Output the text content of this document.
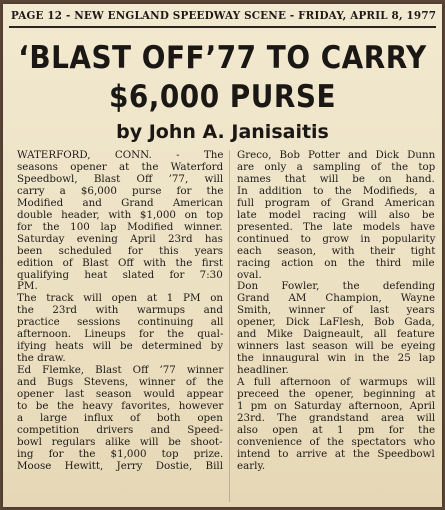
PAGE 12 - NEW ENGLAND SPEEDWAY SCENE - FRIDAY, APRIL 8, 1977
‘BLAST OFF’77 TO CARRY
$6,000 PURSE
by John A. Janisaitis

WATERFORD, CONN. - The

seasons opener at the Waterford

Speedbowl, Blast Off ’77, will

carry a $6,000 purse for the

Modified and Grand American

double header, with $1,000 on top

for the 100 lap Modified winner.

Saturday evening April 23rd has

been scheduled for this years

edition of Blast Off with the first

qualifying heat slated for 7:30

PM.

The track will open at 1 PM on

the 23rd with warmups and

practice sessions continuing all

afternoon. Lineups for the qual-

ifying heats will be determined by

the draw.

Ed Flemke, Blast Off ’77 winner

and Bugs Stevens, winner of the

opener last season would appear

to be the heavy favorites, however

a large influx of both open

competition drivers and Speed-

bowl regulars alike will be shoot-

ing for the $1,000 top prize.

Moose Hewitt, Jerry Dostie, Bill

Greco, Bob Potter and Dick Dunn

are only a sampling of the top

names that will be on hand.

In addition to the Modifieds, a

full program of Grand American

late model racing will also be

presented. The late models have

continued to grow in popularity

each season, with their tight

racing action on the third mile

oval.

Don Fowler, the defending

Grand AM Champion, Wayne

Smith, winner of last years

opener, Dick LaFlesh, Bob Gada,

and Mike Daigneault, all feature

winners last season will be eyeing

the innaugural win in the 25 lap

headliner.

A full afternoon of warmups will

preceed the opener, beginning at

1 pm on Saturday afternoon, April

23rd. The grandstand area will

also open at 1 pm for the

convenience of the spectators who

intend to arrive at the Speedbowl

early.
